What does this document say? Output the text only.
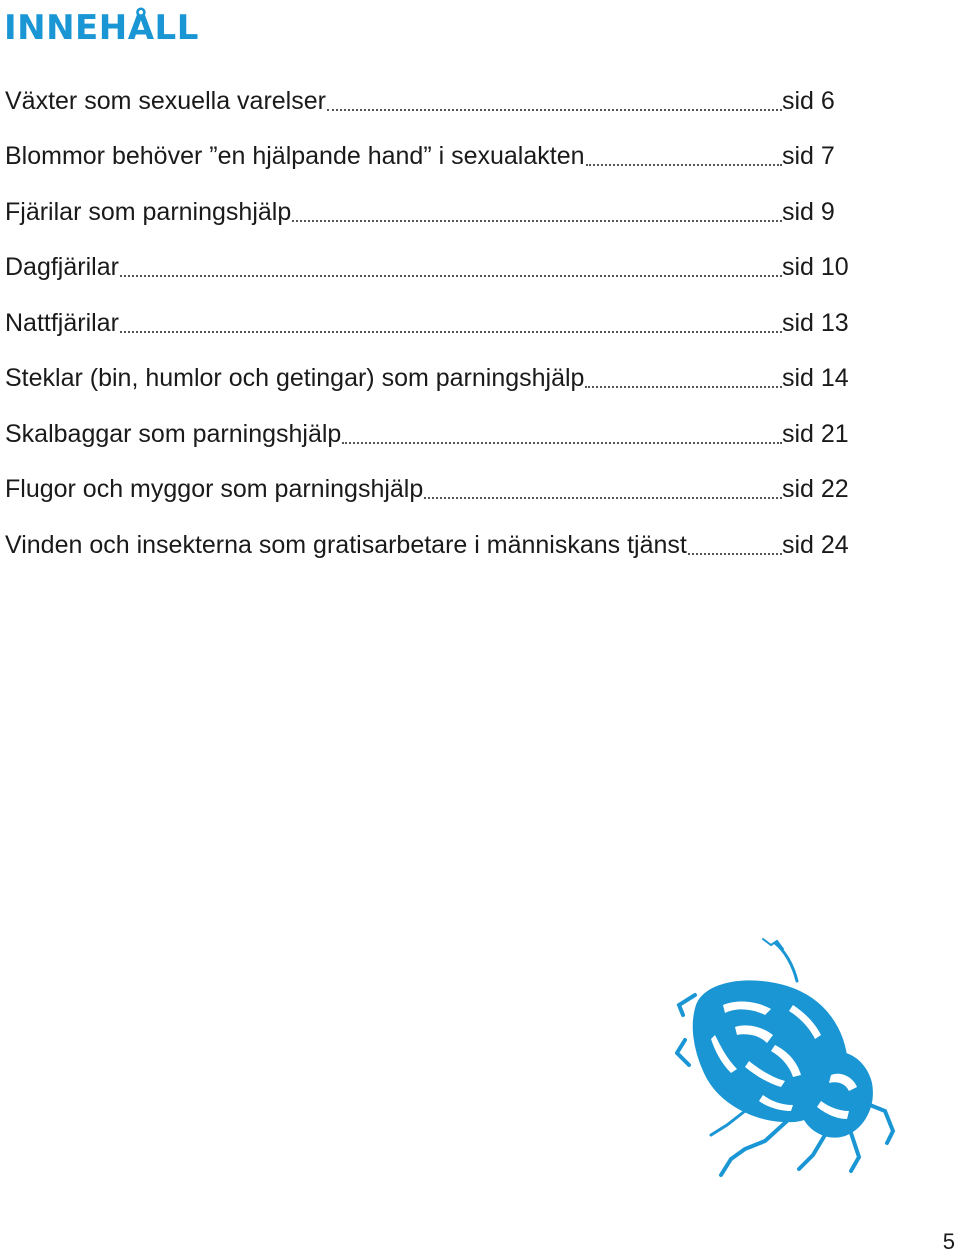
INNEHÅLL
Växter som sexuella varelser	sid 6
Blommor behöver ”en hjälpande hand” i sexualakten	sid 7
Fjärilar som parningshjälp	sid 9
Dagfjärilar	sid 10
Nattfjärilar	sid 13
Steklar (bin, humlor och getingar) som parningshjälp	sid 14
Skalbaggar som parningshjälp	sid 21
Flugor och myggor som parningshjälp	sid 22
Vinden och insekterna som gratisarbetare i människans tjänst	sid 24
5
